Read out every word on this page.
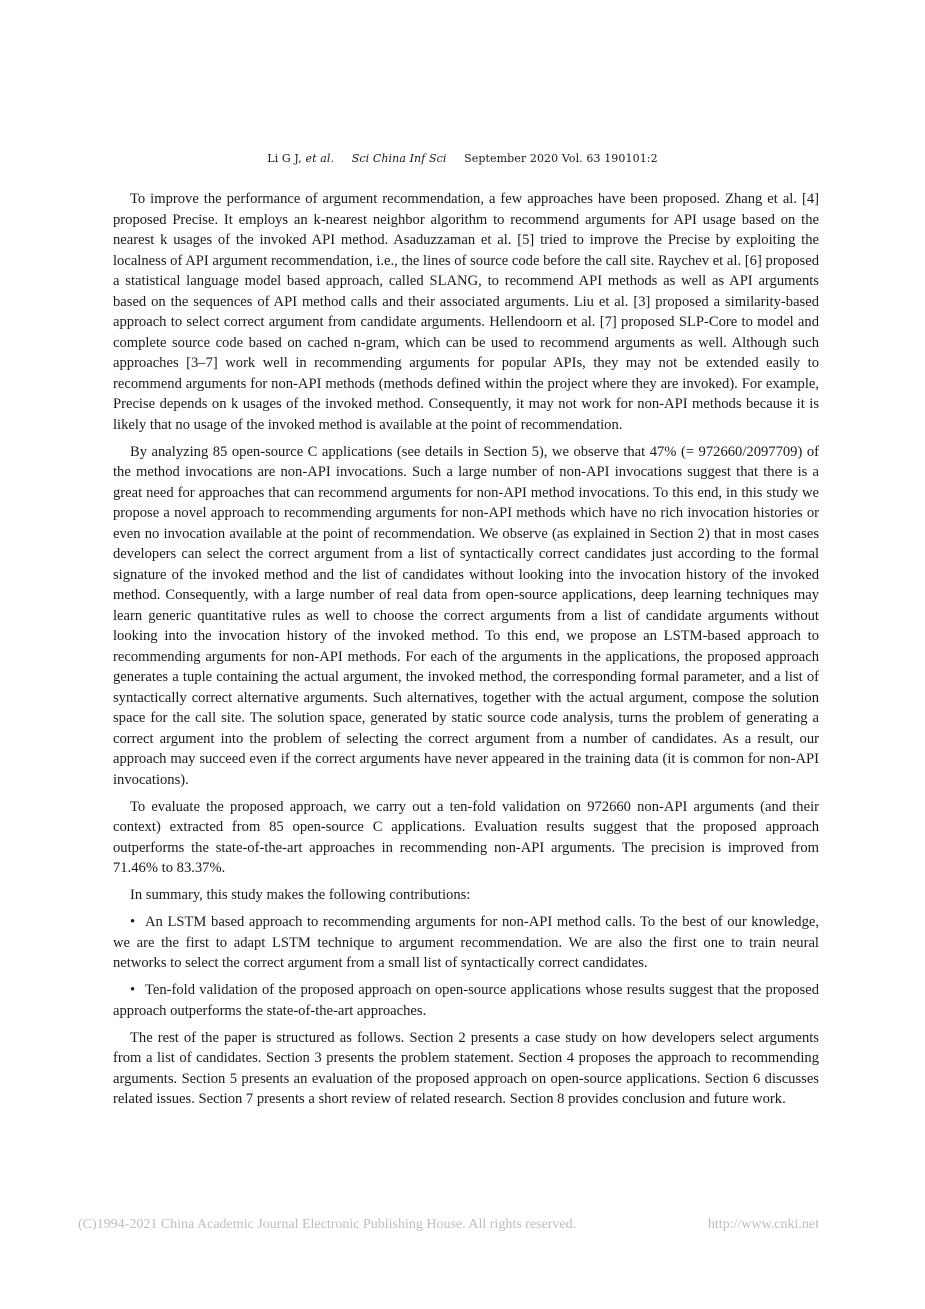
Li G J, et al. Sci China Inf Sci September 2020 Vol. 63 190101:2

To improve the performance of argument recommendation, a few approaches have been proposed. Zhang et al. [4] proposed Precise. It employs an k-nearest neighbor algorithm to recommend arguments for API usage based on the nearest k usages of the invoked API method. Asaduzzaman et al. [5] tried to improve the Precise by exploiting the localness of API argument recommendation, i.e., the lines of source code before the call site. Raychev et al. [6] proposed a statistical language model based approach, called SLANG, to recommend API methods as well as API arguments based on the sequences of API method calls and their associated arguments. Liu et al. [3] proposed a similarity-based approach to select correct argument from candidate arguments. Hellendoorn et al. [7] proposed SLP-Core to model and complete source code based on cached n-gram, which can be used to recommend arguments as well. Although such approaches [3–7] work well in recommending arguments for popular APIs, they may not be extended easily to recommend arguments for non-API methods (methods defined within the project where they are invoked). For example, Precise depends on k usages of the invoked method. Consequently, it may not work for non-API methods because it is likely that no usage of the invoked method is available at the point of recommendation.

By analyzing 85 open-source C applications (see details in Section 5), we observe that 47% (= 972660/2097709) of the method invocations are non-API invocations. Such a large number of non-API invocations suggest that there is a great need for approaches that can recommend arguments for non-API method invocations. To this end, in this study we propose a novel approach to recommending arguments for non-API methods which have no rich invocation histories or even no invocation available at the point of recommendation. We observe (as explained in Section 2) that in most cases developers can select the correct argument from a list of syntactically correct candidates just according to the formal signature of the invoked method and the list of candidates without looking into the invocation history of the invoked method. Consequently, with a large number of real data from open-source applications, deep learning techniques may learn generic quantitative rules as well to choose the correct arguments from a list of candidate arguments without looking into the invocation history of the invoked method. To this end, we propose an LSTM-based approach to recommending arguments for non-API methods. For each of the arguments in the applications, the proposed approach generates a tuple containing the actual argument, the invoked method, the corresponding formal parameter, and a list of syntactically correct alternative arguments. Such alternatives, together with the actual argument, compose the solution space for the call site. The solution space, generated by static source code analysis, turns the problem of generating a correct argument into the problem of selecting the correct argument from a number of candidates. As a result, our approach may succeed even if the correct arguments have never appeared in the training data (it is common for non-API invocations).

To evaluate the proposed approach, we carry out a ten-fold validation on 972660 non-API arguments (and their context) extracted from 85 open-source C applications. Evaluation results suggest that the proposed approach outperforms the state-of-the-art approaches in recommending non-API arguments. The precision is improved from 71.46% to 83.37%.

In summary, this study makes the following contributions:

• An LSTM based approach to recommending arguments for non-API method calls. To the best of our knowledge, we are the first to adapt LSTM technique to argument recommendation. We are also the first one to train neural networks to select the correct argument from a small list of syntactically correct candidates.

• Ten-fold validation of the proposed approach on open-source applications whose results suggest that the proposed approach outperforms the state-of-the-art approaches.

The rest of the paper is structured as follows. Section 2 presents a case study on how developers select arguments from a list of candidates. Section 3 presents the problem statement. Section 4 proposes the approach to recommending arguments. Section 5 presents an evaluation of the proposed approach on open-source applications. Section 6 discusses related issues. Section 7 presents a short review of related research. Section 8 provides conclusion and future work.

(C)1994-2021 China Academic Journal Electronic Publishing House. All rights reserved.	http://www.cnki.net
